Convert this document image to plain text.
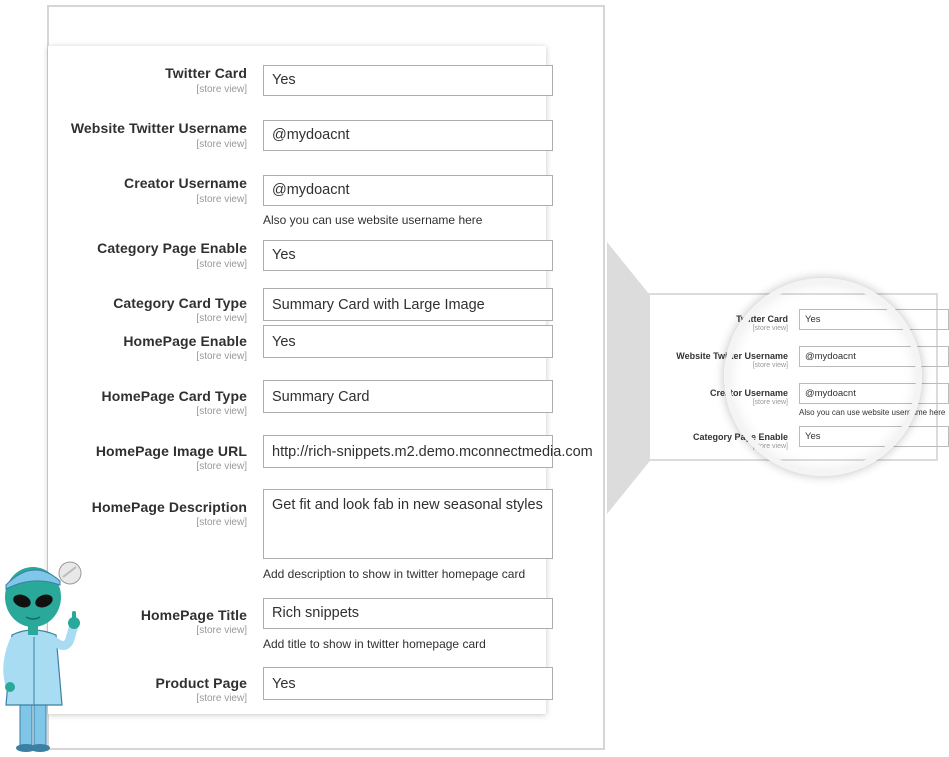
Twitter Card
[store view]
Yes
Website Twitter Username
[store view]
@mydoacnt
Creator Username
[store view]
@mydoacnt
Also you can use website username here
Category Page Enable
[store view]
Yes
Category Card Type
[store view]
Summary Card with Large Image
HomePage Enable
[store view]
Yes
HomePage Card Type
[store view]
Summary Card
HomePage Image URL
[store view]
http://rich-snippets.m2.demo.mconnectmedia.com
HomePage Description
[store view]
Get fit and look fab in new seasonal styles
Add description to show in twitter homepage card
HomePage Title
[store view]
Rich snippets
Add title to show in twitter homepage card
Product Page
[store view]
Yes
Twitter Card
[store view]
Yes
Website Twitter Username
[store view]
@mydoacnt
Creator Username
[store view]
@mydoacnt
Also you can use website username here
Category Page Enable
[store view]
Yes
